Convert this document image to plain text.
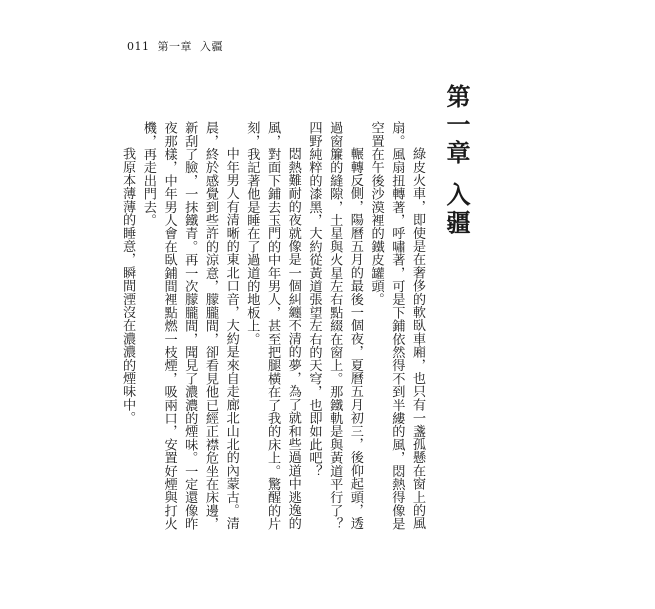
011 第一章 入疆
第一章
入疆

綠皮火車，即使是在奢侈的軟臥車廂，也只有一盞孤懸在窗上的風扇。風扇扭轉著，呼嘯著，可是下鋪依然得不到半縷的風，悶熱得像是空置在午後沙漠裡的鐵皮罐頭。

輾轉反側，陽曆五月的最後一個夜，夏曆五月初三，後仰起頭，透過窗簾的縫隙，土星與火星左右點綴在窗上。那鐵軌是與黃道平行了？四野純粹的漆黑，大約從黃道張望左右的天穹，也即如此吧？

悶熱難耐的夜就像是一個糾纏不清的夢，為了就和些過道中逃逸的風，對面下鋪去玉門的中年男人，甚至把腿橫在了我的床上。驚醒的片刻，我記著他是睡在了過道的地板上。

中年男人有清晰的東北口音，大約是來自走廊北山北的內蒙古。清晨，終於感覺到些許的涼意，朦朧間，卻看見他已經正襟危坐在床邊，新刮了臉，一抹鐵青。再一次朦朧間，聞見了濃濃的煙味。一定還像昨夜那樣，中年男人會在臥鋪間裡點燃一枝煙，吸兩口，安置好煙與打火機，再走出門去。

我原本薄薄的睡意，瞬間湮沒在濃濃的煙味中。
